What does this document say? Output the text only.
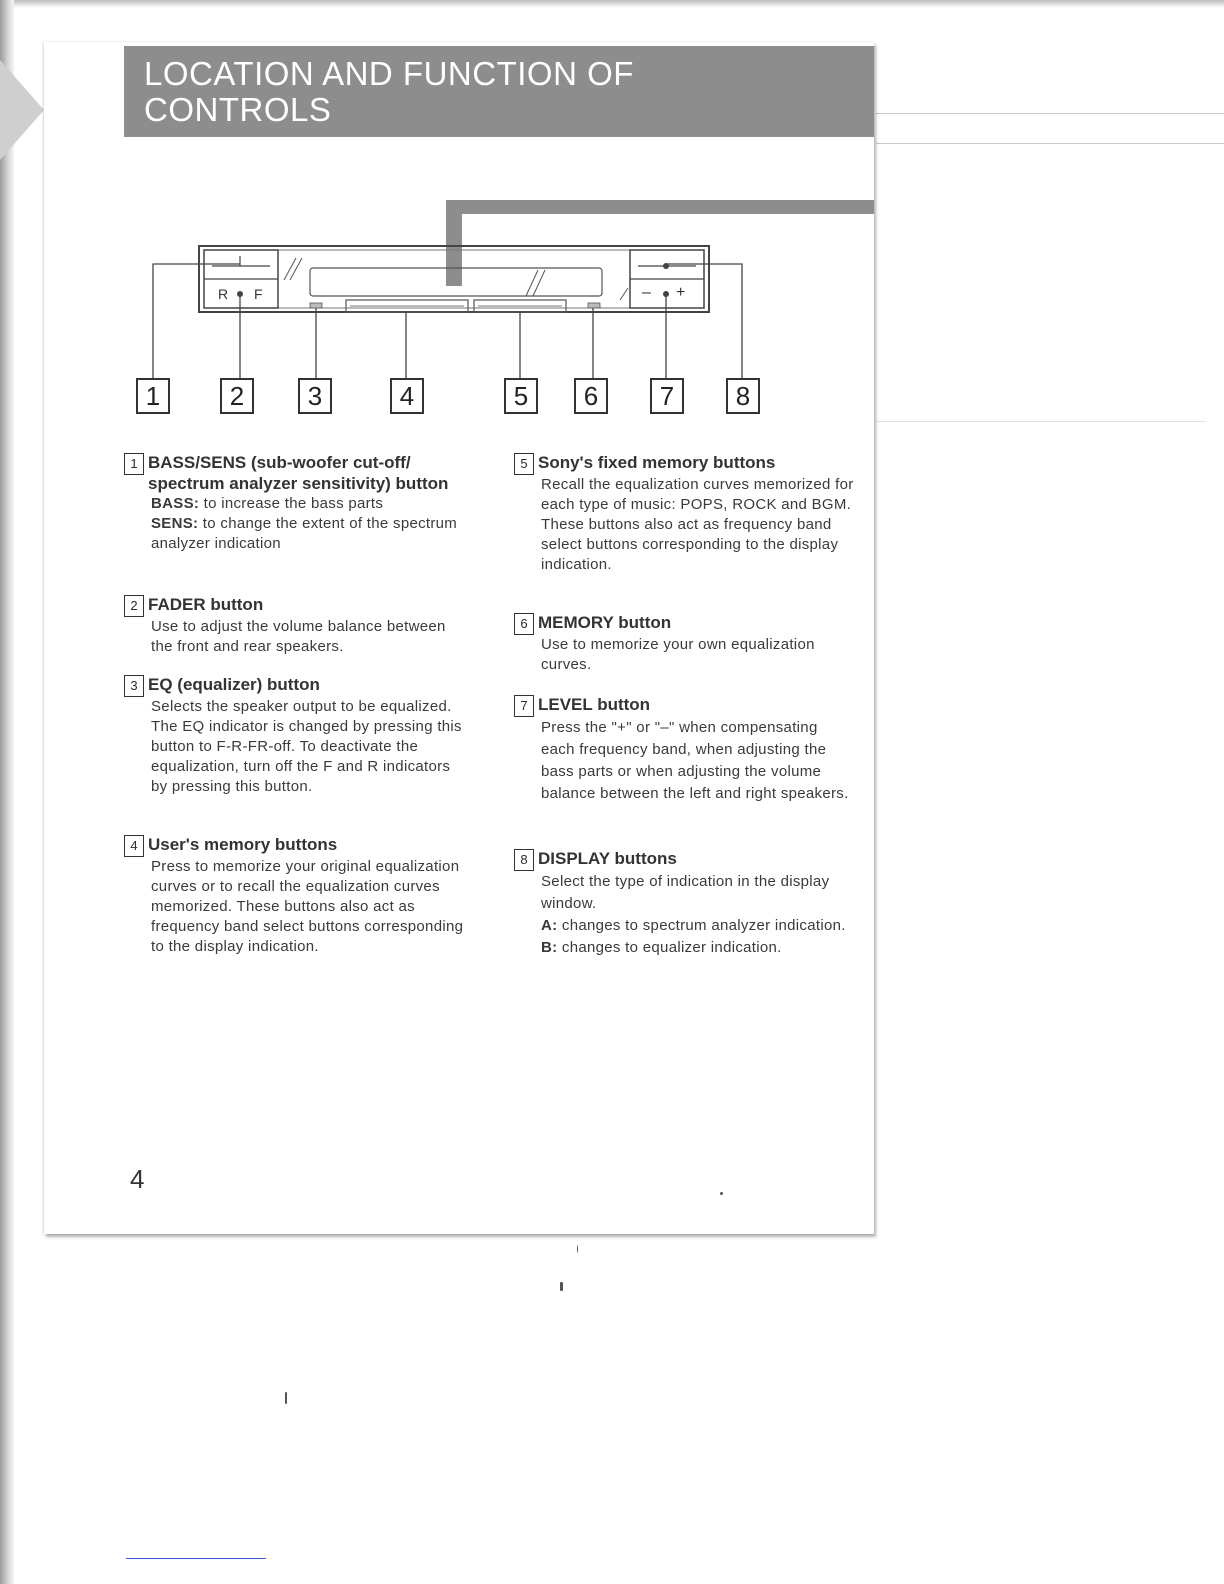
LOCATION AND FUNCTION OF CONTROLS
R F	– +
1	2	3	4	5	6	7	8
1 BASS/SENS (sub-woofer cut-off/ spectrum analyzer sensitivity) button

BASS: to increase the bass parts

SENS: to change the extent of the spectrum analyzer indication

2 FADER button

Use to adjust the volume balance between the front and rear speakers.

3 EQ (equalizer) button

Selects the speaker output to be equalized. The EQ indicator is changed by pressing this button to F-R-FR-off. To deactivate the equalization, turn off the F and R indicators by pressing this button.

4 User's memory buttons

Press to memorize your original equalization curves or to recall the equalization curves memorized. These buttons also act as frequency band select buttons corresponding to the display indication.

5 Sony's fixed memory buttons

Recall the equalization curves memorized for each type of music: POPS, ROCK and BGM. These buttons also act as frequency band select buttons corresponding to the display indication.

6 MEMORY button

Use to memorize your own equalization curves.

7 LEVEL button

Press the "+" or "–" when compensating each frequency band, when adjusting the bass parts or when adjusting the volume balance between the left and right speakers.

8 DISPLAY buttons

Select the type of indication in the display window.

A: changes to spectrum analyzer indication.

B: changes to equalizer indication.

4
